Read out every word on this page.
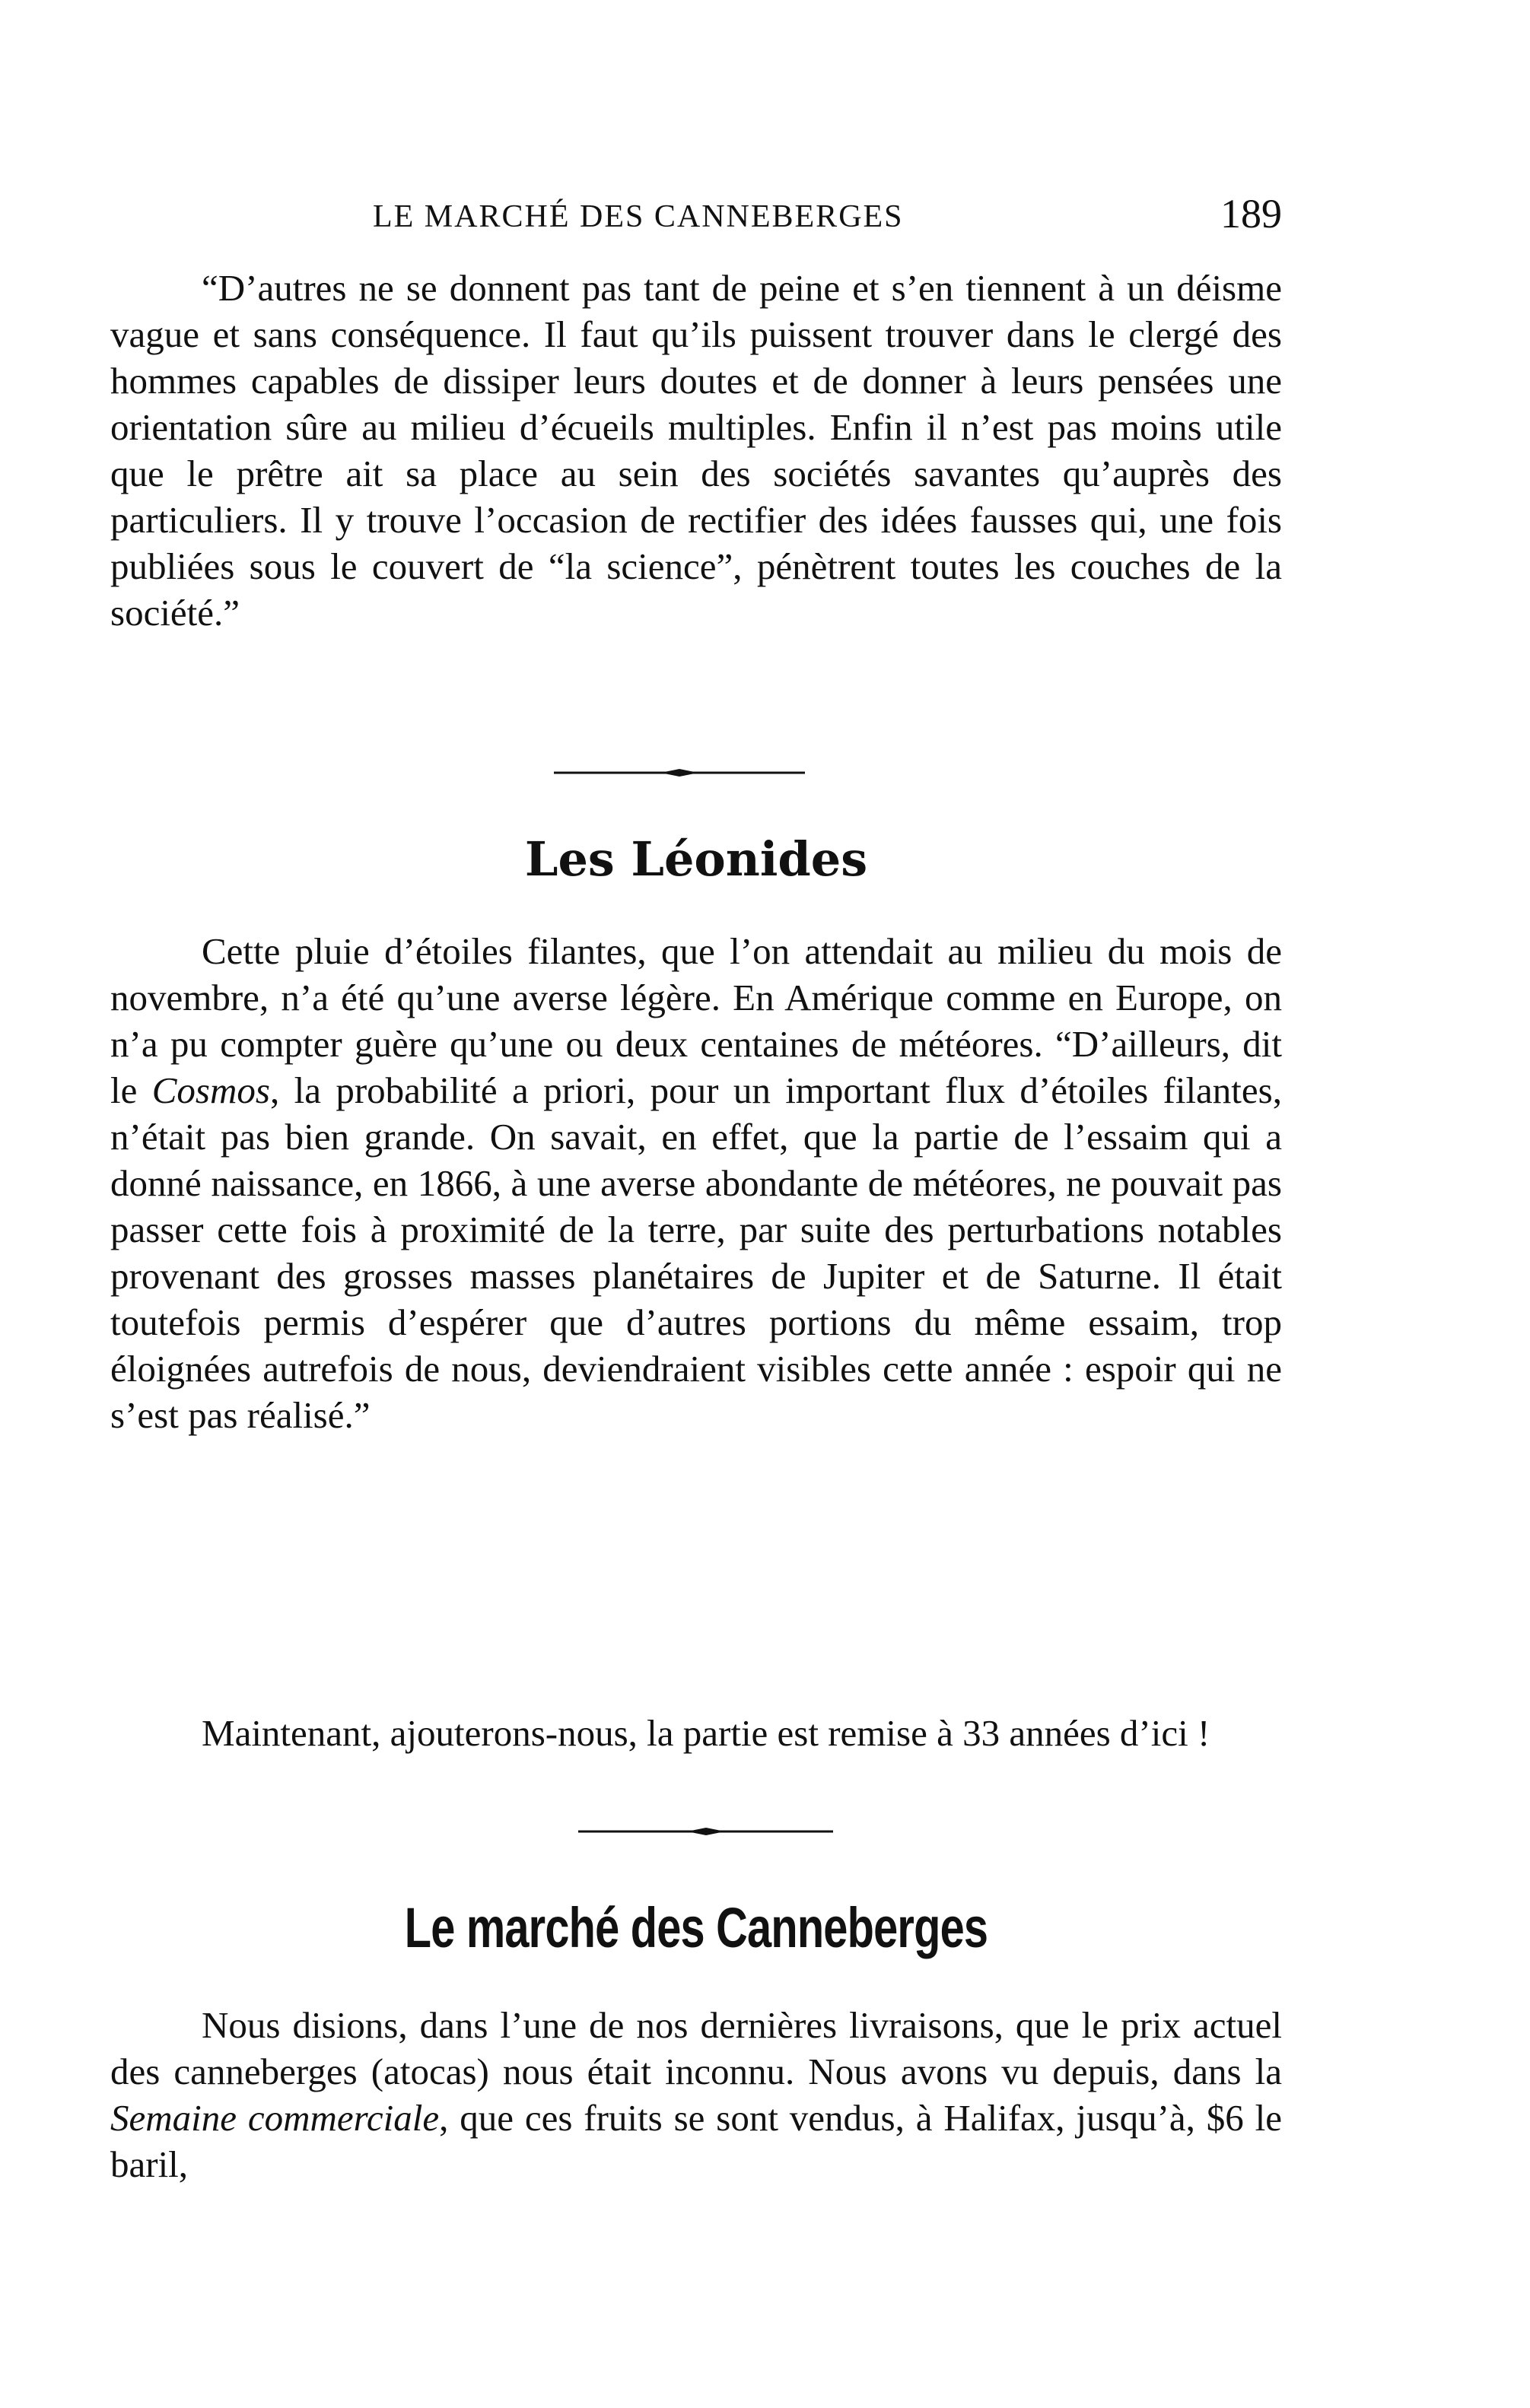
LE MARCHÉ DES CANNEBERGES	189

“D’autres ne se donnent pas tant de peine et s’en tiennent à un déisme vague et sans conséquence. Il faut qu’ils puissent trouver dans le clergé des hommes capables de dissiper leurs doutes et de donner à leurs pensées une orientation sûre au milieu d’écueils multiples. Enfin il n’est pas moins utile que le prêtre ait sa place au sein des sociétés savantes qu’auprès des particuliers. Il y trouve l’occasion de rectifier des idées fausses qui, une fois publiées sous le couvert de “la science”, pénètrent toutes les couches de la société.”

Les Léonides

Cette pluie d’étoiles filantes, que l’on attendait au milieu du mois de novembre, n’a été qu’une averse légère. En Amérique comme en Europe, on n’a pu compter guère qu’une ou deux centaines de météores. “D’ailleurs, dit le Cosmos, la probabilité a priori, pour un important flux d’étoiles filantes, n’était pas bien grande. On savait, en effet, que la partie de l’essaim qui a donné naissance, en 1866, à une averse abondante de météores, ne pouvait pas passer cette fois à proximité de la terre, par suite des perturbations notables provenant des grosses masses planétaires de Jupiter et de Saturne. Il était toutefois permis d’espérer que d’autres portions du même essaim, trop éloignées autrefois de nous, deviendraient visibles cette année : espoir qui ne s’est pas réalisé.”

Maintenant, ajouterons-nous, la partie est remise à 33 années d’ici !

Le marché des Canneberges

Nous disions, dans l’une de nos dernières livraisons, que le prix actuel des canneberges (atocas) nous était inconnu. Nous avons vu depuis, dans la Semaine commerciale, que ces fruits se sont vendus, à Halifax, jusqu’à, $6 le baril,
